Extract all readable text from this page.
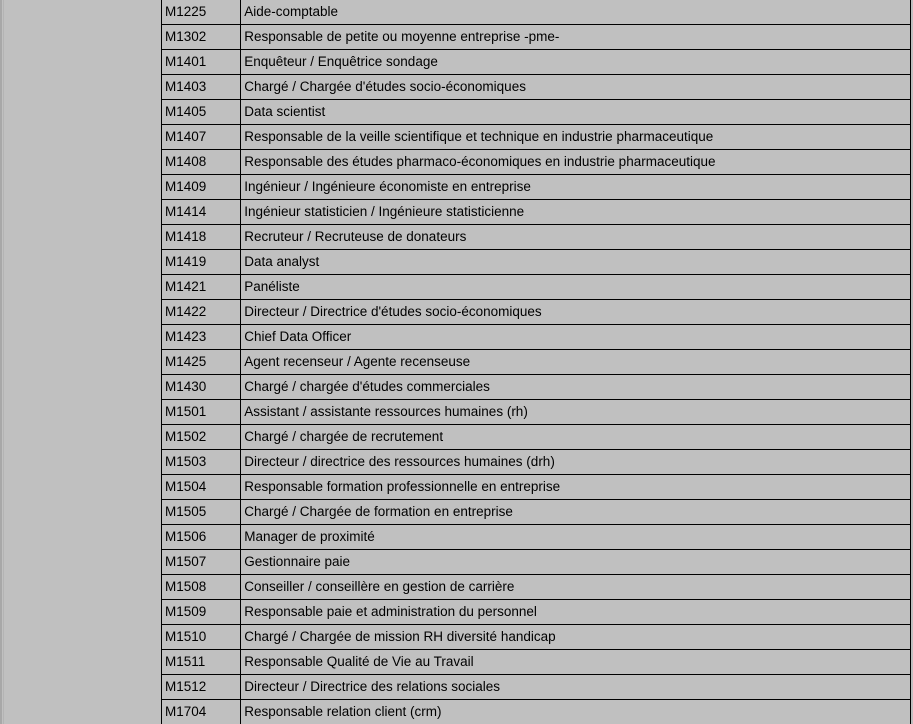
M1225	Aide-comptable
M1302	Responsable de petite ou moyenne entreprise -pme-
M1401	Enquêteur / Enquêtrice sondage
M1403	Chargé / Chargée d'études socio-économiques
M1405	Data scientist
M1407	Responsable de la veille scientifique et technique en industrie pharmaceutique
M1408	Responsable des études pharmaco-économiques en industrie pharmaceutique
M1409	Ingénieur / Ingénieure économiste en entreprise
M1414	Ingénieur statisticien / Ingénieure statisticienne
M1418	Recruteur / Recruteuse de donateurs
M1419	Data analyst
M1421	Panéliste
M1422	Directeur / Directrice d'études socio-économiques
M1423	Chief Data Officer
M1425	Agent recenseur / Agente recenseuse
M1430	Chargé / chargée d'études commerciales
M1501	Assistant / assistante ressources humaines (rh)
M1502	Chargé / chargée de recrutement
M1503	Directeur / directrice des ressources humaines (drh)
M1504	Responsable formation professionnelle en entreprise
M1505	Chargé / Chargée de formation en entreprise
M1506	Manager de proximité
M1507	Gestionnaire paie
M1508	Conseiller / conseillère en gestion de carrière
M1509	Responsable paie et administration du personnel
M1510	Chargé / Chargée de mission RH diversité handicap
M1511	Responsable Qualité de Vie au Travail
M1512	Directeur / Directrice des relations sociales
M1704	Responsable relation client (crm)
